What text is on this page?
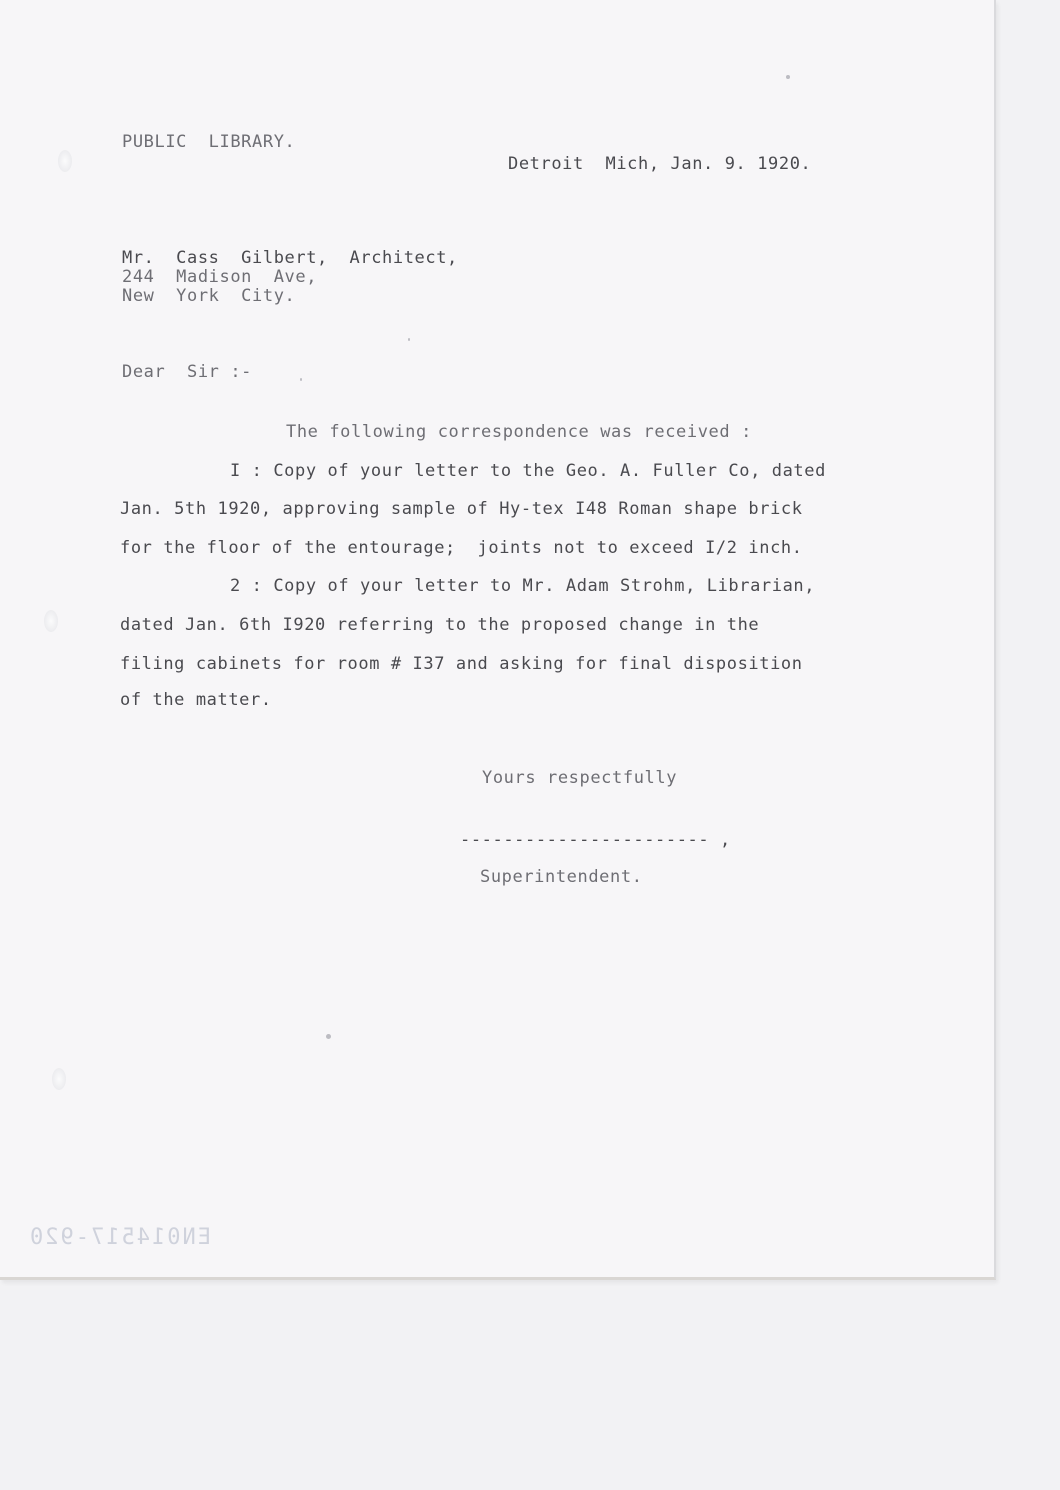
PUBLIC  LIBRARY.

Detroit  Mich, Jan. 9. 1920.

Mr.  Cass  Gilbert,  Architect,

244  Madison  Ave,

New  York  City.

Dear  Sir :-

The following correspondence was received :

I : Copy of your letter to the Geo. A. Fuller Co, dated

Jan. 5th 1920, approving sample of Hy-tex I48 Roman shape brick

for the floor of the entourage;  joints not to exceed I/2 inch.

2 : Copy of your letter to Mr. Adam Strohm, Librarian,

dated Jan. 6th I920 referring to the proposed change in the

filing cabinets for room # I37 and asking for final disposition

of the matter.

Yours respectfully

----------------------- ,

Superintendent.

EN014517-920
